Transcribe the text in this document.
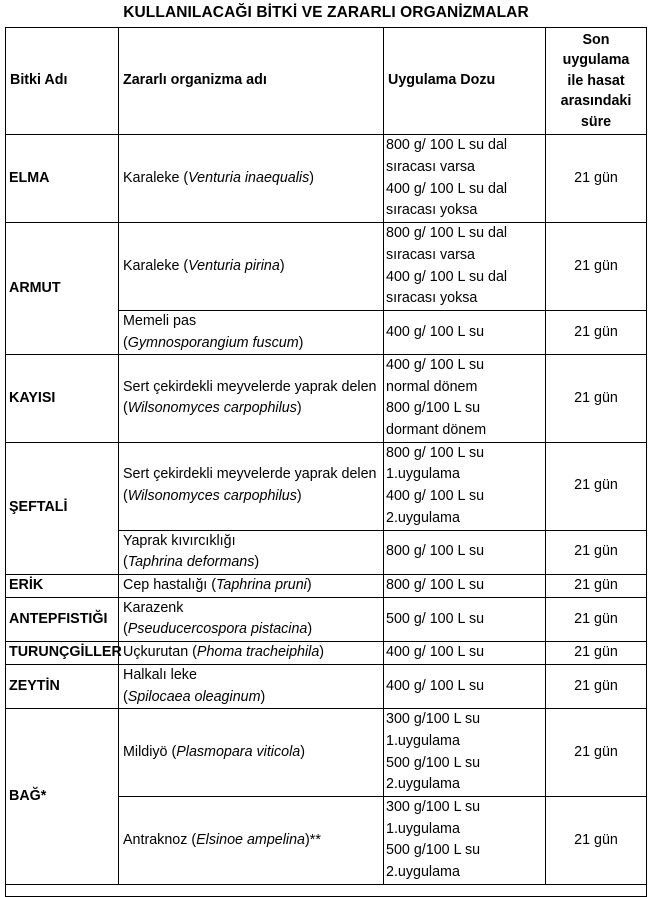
KULLANILACAĞI BİTKİ VE ZARARLI ORGANİZMALAR
Bitki Adı	Zararlı organizma adı	Uygulama Dozu	Son
uygulama
ile hasat
arasındaki
süre
ELMA	Karaleke (Venturia inaequalis)	800 g/ 100 L su dal
sıracası varsa
400 g/ 100 L su dal
sıracası yoksa	21 gün
ARMUT	Karaleke (Venturia pirina)	800 g/ 100 L su dal
sıracası varsa
400 g/ 100 L su dal
sıracası yoksa	21 gün
	Memeli pas
(Gymnosporangium fuscum)	400 g/ 100 L su	21 gün
KAYISI	Sert çekirdekli meyvelerde yaprak delen (Wilsonomyces carpophilus)	400 g/ 100 L su
normal dönem
800 g/100 L su
dormant dönem	21 gün
ŞEFTALİ	Sert çekirdekli meyvelerde yaprak delen (Wilsonomyces carpophilus)	800 g/ 100 L su
1.uygulama
400 g/ 100 L su
2.uygulama	21 gün
	Yaprak kıvırcıklığı
(Taphrina deformans)	800 g/ 100 L su	21 gün
ERİK	Cep hastalığı (Taphrina pruni)	800 g/ 100 L su	21 gün
ANTEPFISTIĞI	Karazenk
(Pseuducercospora pistacina)	500 g/ 100 L su	21 gün
TURUNÇGİLLER	Uçkurutan (Phoma tracheiphila)	400 g/ 100 L su	21 gün
ZEYTİN	Halkalı leke
(Spilocaea oleaginum)	400 g/ 100 L su	21 gün
BAĞ*	Mildiyö (Plasmopara viticola)	300 g/100 L su
1.uygulama
500 g/100 L su
2.uygulama	21 gün
	Antraknoz (Elsinoe ampelina)**	300 g/100 L su
1.uygulama
500 g/100 L su
2.uygulama	21 gün
